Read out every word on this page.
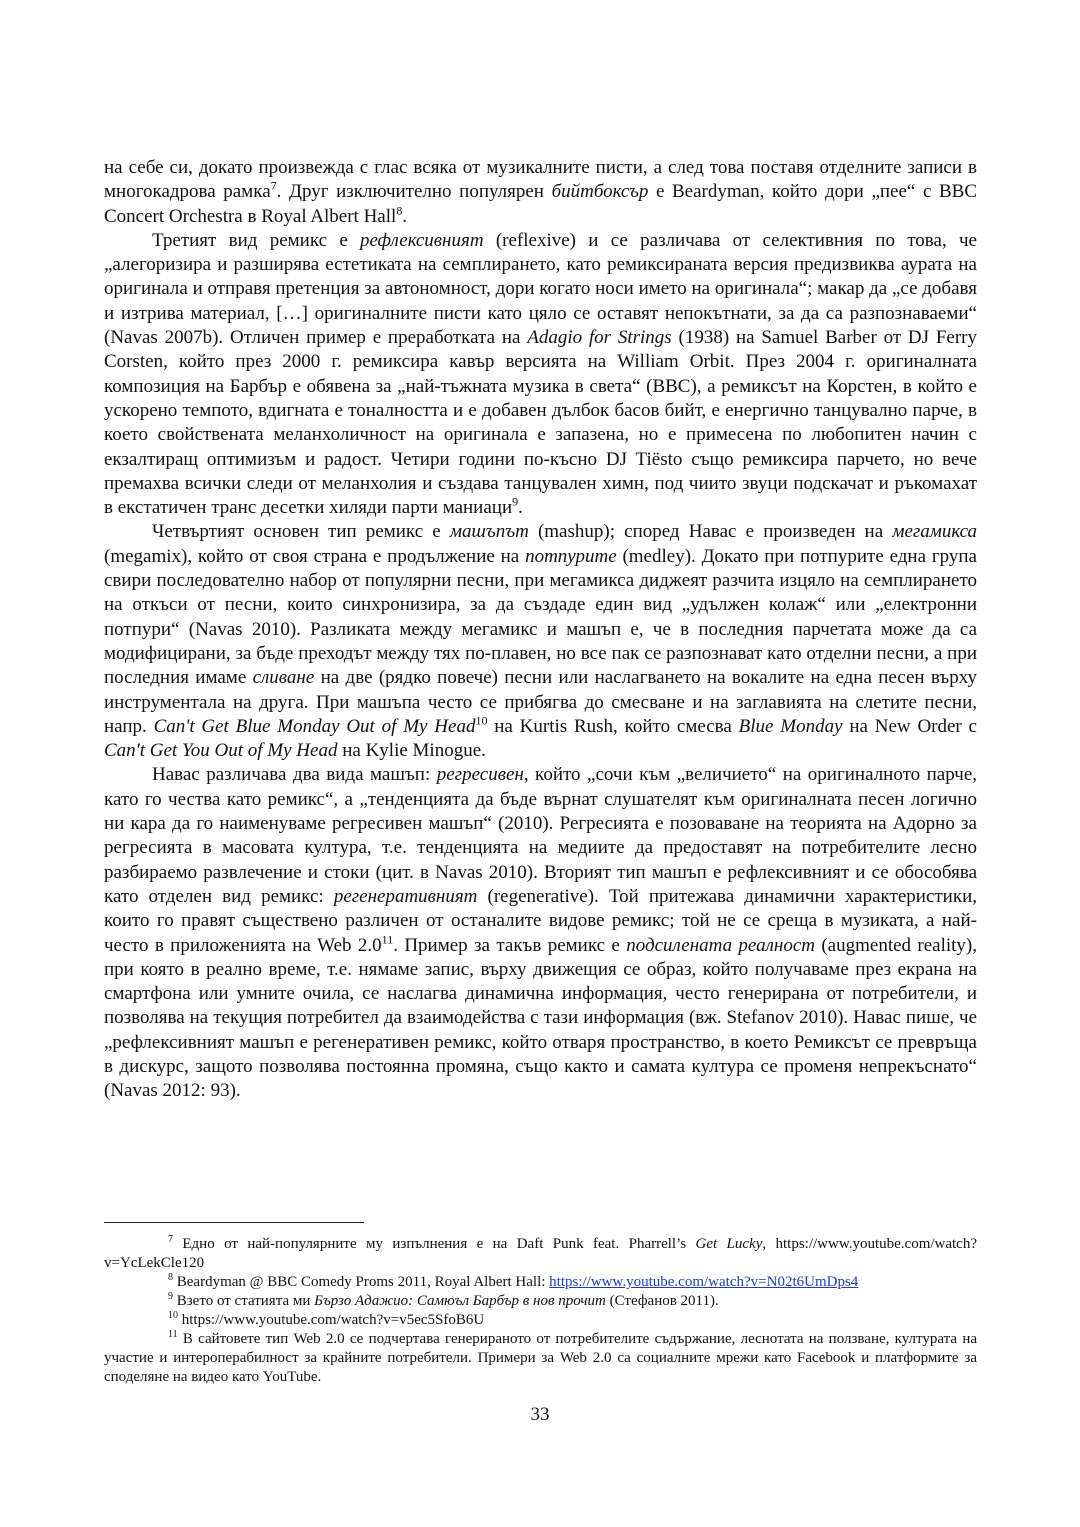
на себе си, докато произвежда с глас всяка от музикалните писти, а след това поставя отделните записи в многокадрова рамка$^7$. Друг изключително популярен бийтбоксър е Beardyman, който дори „пее“ с BBC Concert Orchestra в Royal Albert Hall$^8$.

Третият вид ремикс е рефлексивният (reflexive) и се различава от селективния по това, че „алегоризира и разширява естетиката на семплирането, като ремиксираната версия предизвиква аурата на оригинала и отправя претенция за автономност, дори когато носи името на оригинала“; макар да „се добавя и изтрива материал, […] оригиналните писти като цяло се оставят непокътнати, за да са разпознаваеми“ (Navas 2007b). Отличен пример е преработката на Adagio for Strings (1938) на Samuel Barber от DJ Ferry Corsten, който през 2000 г. ремиксира кавър версията на William Orbit. През 2004 г. оригиналната композиция на Барбър е обявена за „най-тъжната музика в света“ (BBC), а ремиксът на Корстен, в който е ускорено темпото, вдигната е тоналността и е добавен дълбок басов бийт, е енергично танцувално парче, в което свойствената меланхоличност на оригинала е запазена, но е примесена по любопитен начин с екзалтиращ оптимизъм и радост. Четири години по-късно DJ Tiësto също ремиксира парчето, но вече премахва всички следи от меланхолия и създава танцувален химн, под чиито звуци подскачат и ръкомахат в екстатичен транс десетки хиляди парти маниаци$^9$.

Четвъртият основен тип ремикс е машъпът (mashup); според Навас е произведен на мегамикса (megamix), който от своя страна е продължение на потпурите (medley). Докато при потпурите една група свири последователно набор от популярни песни, при мегамикса диджеят разчита изцяло на семплирането на откъси от песни, които синхронизира, за да създаде един вид „удължен колаж“ или „електронни потпури“ (Navas 2010). Разликата между мегамикс и машъп е, че в последния парчетата може да са модифицирани, за бъде преходът между тях по-плавен, но все пак се разпознават като отделни песни, а при последния имаме сливане на две (рядко повече) песни или наслагването на вокалите на една песен върху инструментала на друга. При машъпа често се прибягва до смесване и на заглавията на слетите песни, напр. Can't Get Blue Monday Out of My Head$^{10}$ на Kurtis Rush, който смесва Blue Monday на New Order с Can't Get You Out of My Head на Kylie Minogue.

Навас различава два вида машъп: регресивен, който „сочи към „величието“ на оригиналното парче, като го чества като ремикс“, а „тенденцията да бъде върнат слушателят към оригиналната песен логично ни кара да го наименуваме регресивен машъп“ (2010). Регресията е позоваване на теорията на Адорно за регресията в масовата култура, т.е. тенденцията на медиите да предоставят на потребителите лесно разбираемо развлечение и стоки (цит. в Navas 2010). Вторият тип машъп е рефлексивният и се обособява като отделен вид ремикс: регенеративният (regenerative). Той притежава динамични характеристики, които го правят съществено различен от останалите видове ремикс; той не се среща в музиката, а най-често в приложенията на Web $2.0^{11}$. Пример за такъв ремикс е подсилената реалност (augmented reality), при която в реално време, т.е. нямаме запис, върху движещия се образ, който получаваме през екрана на смартфона или умните очила, се наслагва динамична информация, често генерирана от потребители, и позволява на текущия потребител да взаимодейства с тази информация (вж. Stefanov 2010). Навас пише, че „рефлексивният машъп е регенеративен ремикс, който отваря пространство, в което Ремиксът се превръща в дискурс, защото позволява постоянна промяна, също както и самата култура се променя непрекъснато“ (Navas 2012: 93).

$^7$ Едно от най-популярните му изпълнения е на Daft Punk feat. Pharrell’s Get Lucky, https://www.youtube.com/watch?v=YcLekCle120

$^8$ Beardyman @ BBC Comedy Proms 2011, Royal Albert Hall: https://www.youtube.com/watch?v=N02t6UmDps4

$^9$ Взето от статията ми Бързо Адажио: Самюъл Барбър в нов прочит (Стефанов 2011).

$^{10}$ https://www.youtube.com/watch?v=v5ec5SfoB6U

$^{11}$ В сайтовете тип Web 2.0 се подчертава генерираното от потребителите съдържание, леснотата на ползване, културата на участие и интероперабилност за крайните потребители. Примери за Web 2.0 са социалните мрежи като Facebook и платформите за споделяне на видео като YouTube.

33
